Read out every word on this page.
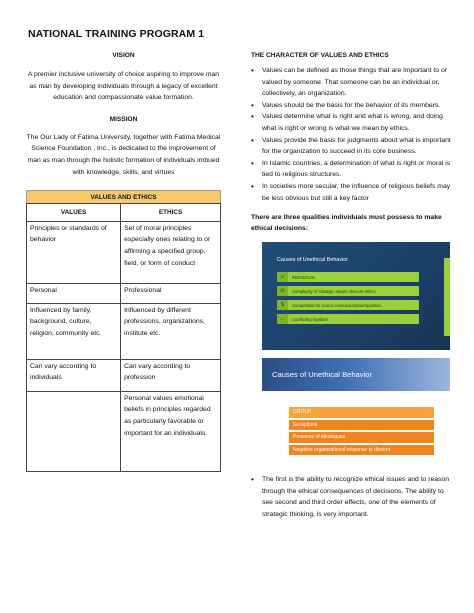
NATIONAL TRAINING PROGRAM 1

VISION

A premier inclusive university of choice aspiring to improve man as man by developing individuals through a legacy of excellent education and compassionate value formation.

MISSION

The Our Lady of Fatima University, together with Fatima Medical Science Foundation , Inc., is dedicated to the improvement of man as man through the holistic formation of individuals imbued with knowledge, skills, and virtues

VALUES AND ETHICS
VALUES	ETHICS
Principles or standards of behavior	Set of moral principles especially ones relating to or affirming a specified group, field, or form of conduct
Personal	Professional
Influenced by family, background, culture, religion, community etc.	Influenced by different professions, organizations, institute etc.
Can vary according to individuals	Can vary according to profession
	Personal values emotional beliefs in principles regarded as particularly favorable or important for an individuals.

THE CHARACTER OF VALUES AND ETHICS

• Values can be defined as those things that are important to or valued by someone. That someone can be an individual or, collectively, an organization.
• Values should be the basis for the behavior of its members.
• Values determine what is right and what is wrong, and doing what is right or wrong is what we mean by ethics.
• Values provide the basis for judgments about what is important for the organization to succeed in its core business.
• In Islamic countries, a determination of what is right or moral is tied to religious structures.
• In societies more secular, the influence of religious beliefs may be less obvious but still a key factor

There are three qualities individuals must possess to make ethical decisions:

Causes of Unethical Behavior
☺	INDIVIDUAL
⚖	Complexity of strategic issues obscure ethics
$	Competition for scarce resources/power/position
↔	Conflicting loyalties
Causes of Unethical Behavior
GROUP
Groupthink
Presence of ideologues
Negative organizational response to dissent
• The first is the ability to recognize ethical issues and to reason through the ethical consequences of decisions. The ability to see second and third order effects, one of the elements of strategic thinking, is very important.
